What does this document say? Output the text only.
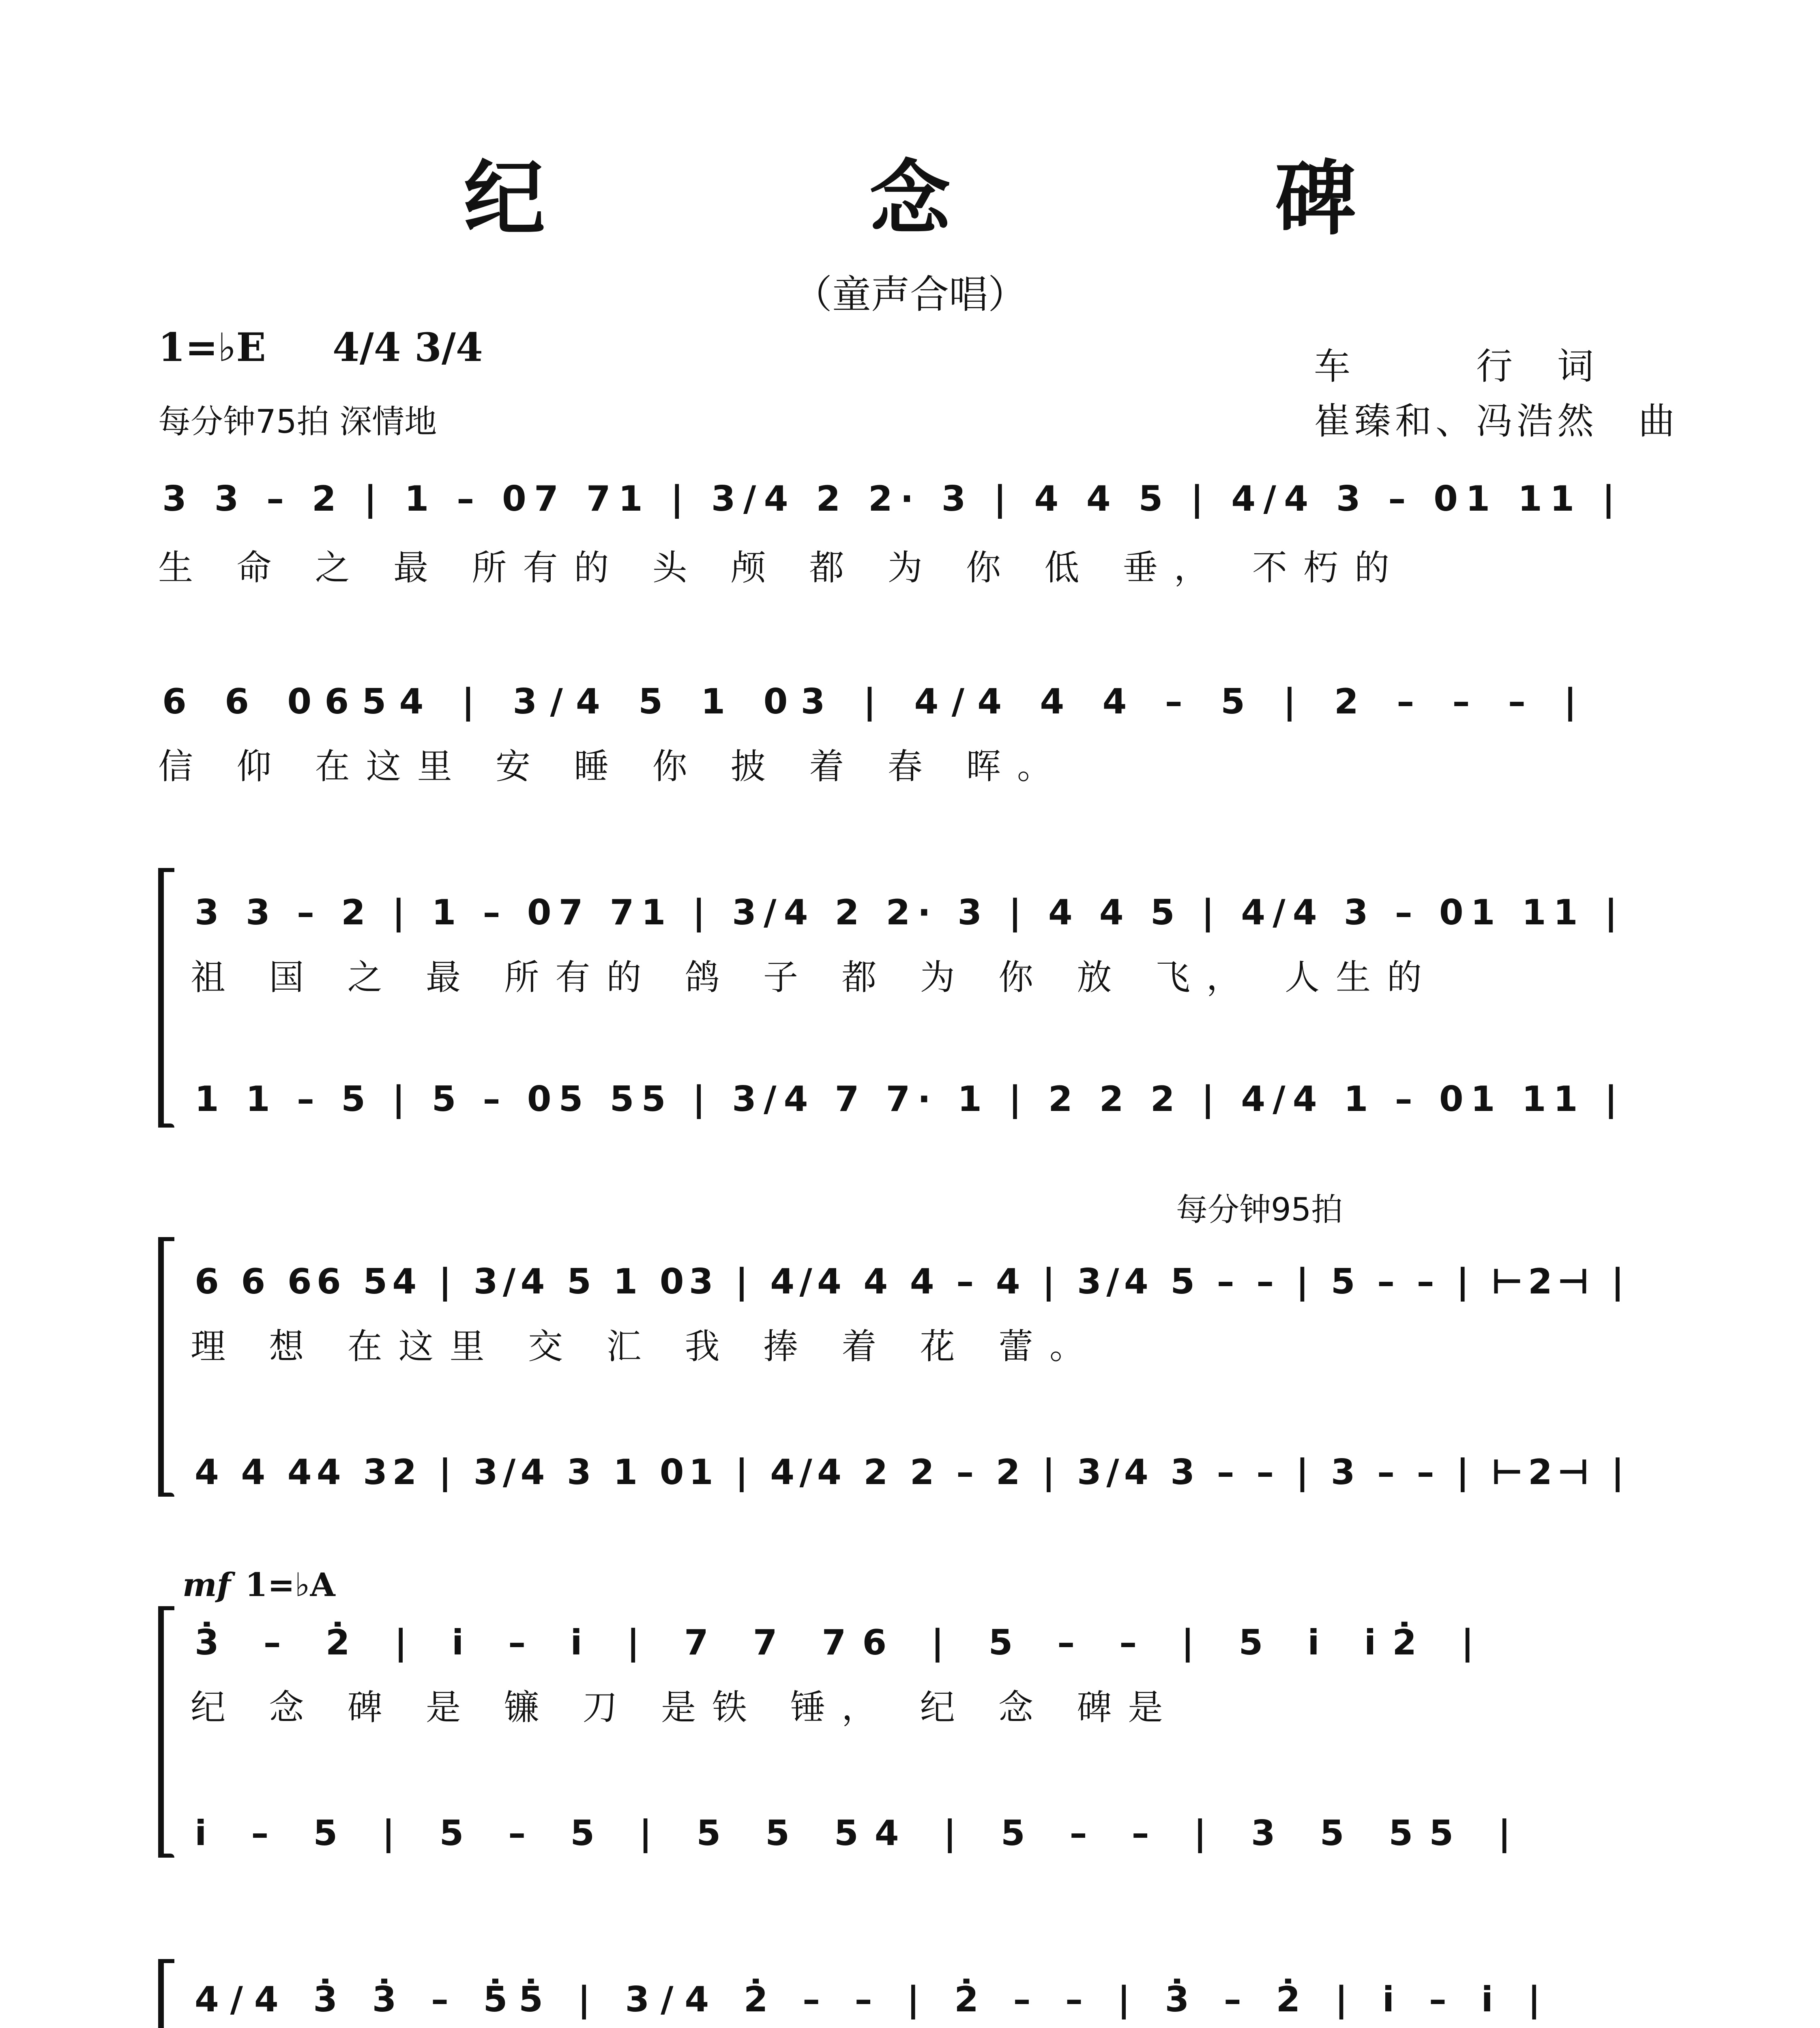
纪　念　碑
（童声合唱）
1=♭E 4/4 3/4
每分钟75拍 深情地
车　　　行　词
崔臻和、冯浩然　曲
3 3 – 2 | 1 – 07 71 | 3/4 2 2· 3 | 4 4 5 | 4/4 3 – 01 11 |
生 命 之 最 所有的 头 颅 都 为 你 低 垂， 不朽的
6 6 0654 | 3/4 5 1 03 | 4/4 4 4 – 5 | 2 – – – |
信 仰 在这里 安 睡 你 披 着 春 晖。
3 3 – 2 | 1 – 07 71 | 3/4 2 2· 3 | 4 4 5 | 4/4 3 – 01 11 |
祖 国 之 最 所有的 鸽 子 都 为 你 放 飞， 人生的
1 1 – 5 | 5 – 05 55 | 3/4 7 7· 1 | 2 2 2 | 4/4 1 – 01 11 |
每分钟95拍
6 6 66 54 | 3/4 5 1 03 | 4/4 4 4 – 4 | 3/4 5 – – | 5 – – | ⊢2⊣ |
理 想 在这里 交 汇 我 捧 着 花 蕾。
4 4 44 32 | 3/4 3 1 01 | 4/4 2 2 – 2 | 3/4 3 – – | 3 – – | ⊢2⊣ |
mf 1=♭A
3̇ – 2̇ | i – i | 7 7 76 | 5 – – | 5 i i2̇ |
纪 念 碑 是 镰 刀 是铁 锤， 纪 念 碑是
i – 5 | 5 – 5 | 5 5 54 | 5 – – | 3 5 55 |
4/4 3̇ 3̇ – 5̇5̇ | 3/4 2̇ – – | 2̇ – – | 3̇ – 2̇ | i – i |
